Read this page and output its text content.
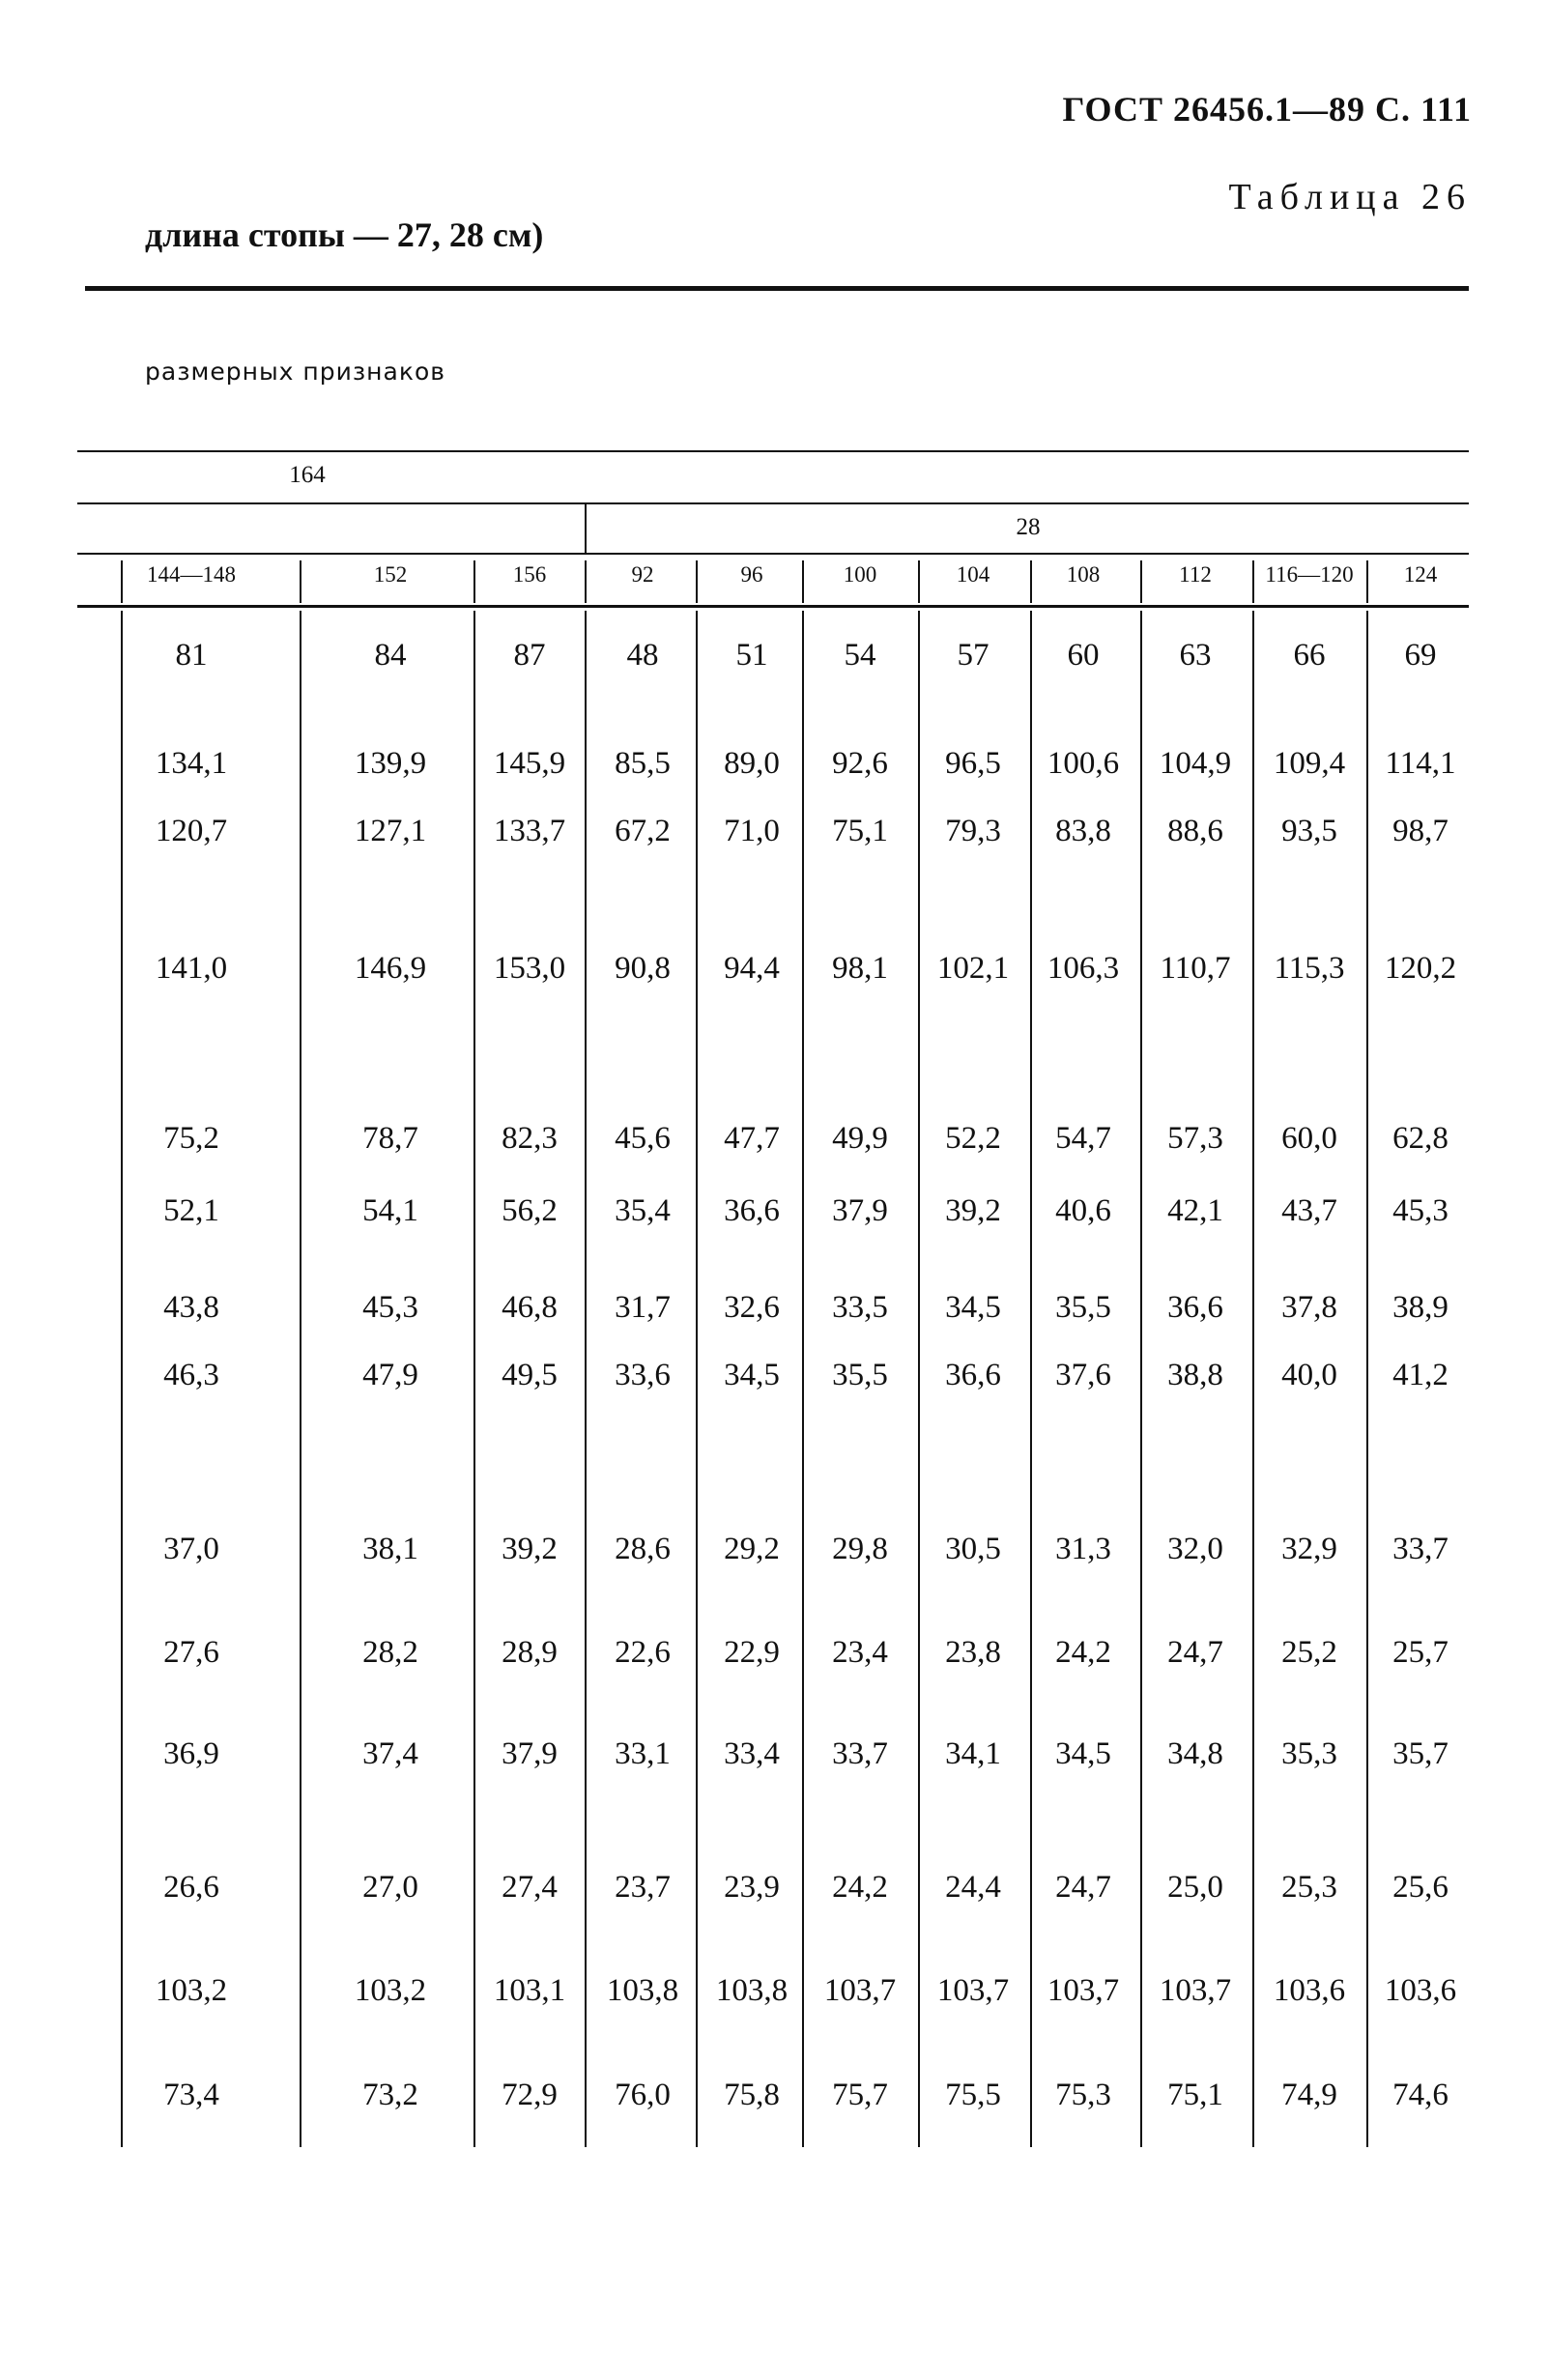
ГОСТ 26456.1—89 С. 111
Таблица 26
длина стопы — 27, 28 см)
размерных признаков
164
28
144—148	152	156	92	96	100	104	108	112	116—120	124
81	84	87	48	51	54	57	60	63	66	69
134,1	139,9	145,9	85,5	89,0	92,6	96,5	100,6	104,9	109,4	114,1
120,7	127,1	133,7	67,2	71,0	75,1	79,3	83,8	88,6	93,5	98,7
141,0	146,9	153,0	90,8	94,4	98,1	102,1	106,3	110,7	115,3	120,2
75,2	78,7	82,3	45,6	47,7	49,9	52,2	54,7	57,3	60,0	62,8
52,1	54,1	56,2	35,4	36,6	37,9	39,2	40,6	42,1	43,7	45,3
43,8	45,3	46,8	31,7	32,6	33,5	34,5	35,5	36,6	37,8	38,9
46,3	47,9	49,5	33,6	34,5	35,5	36,6	37,6	38,8	40,0	41,2
37,0	38,1	39,2	28,6	29,2	29,8	30,5	31,3	32,0	32,9	33,7
27,6	28,2	28,9	22,6	22,9	23,4	23,8	24,2	24,7	25,2	25,7
36,9	37,4	37,9	33,1	33,4	33,7	34,1	34,5	34,8	35,3	35,7
26,6	27,0	27,4	23,7	23,9	24,2	24,4	24,7	25,0	25,3	25,6
103,2	103,2	103,1	103,8	103,8	103,7	103,7	103,7	103,7	103,6	103,6
73,4	73,2	72,9	76,0	75,8	75,7	75,5	75,3	75,1	74,9	74,6
